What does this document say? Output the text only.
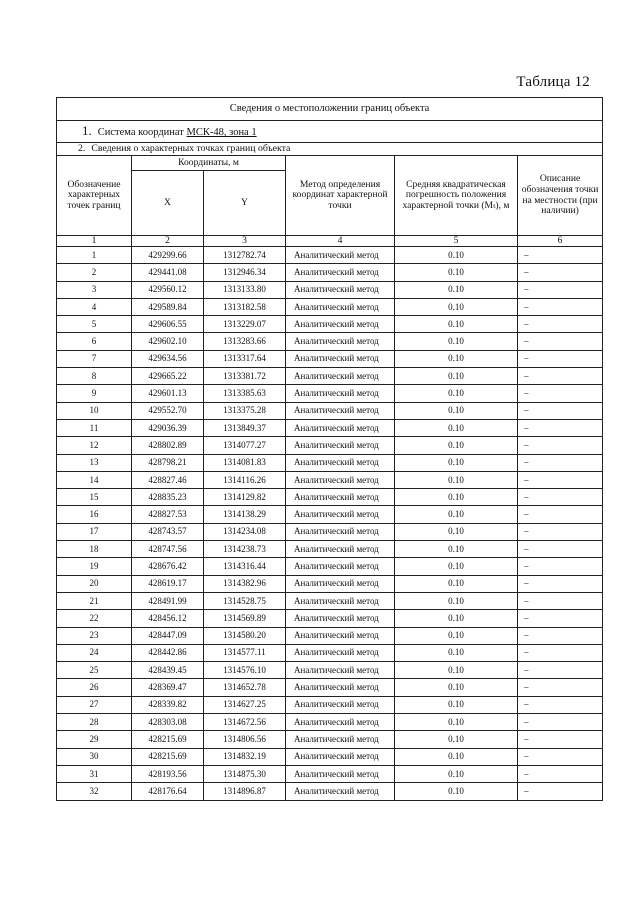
Таблица 12
Сведения о местоположении границ объекта					
1. Система координат МСК-48, зона 1					
2. Сведения о характерных точках границ объекта					
Обозначение характерных точек границ	Координаты, м		Метод определения координат характерной точки	Средняя квадратическая погрешность положения характерной точки (Mₜ), м	Описание обозначения точки на местности (при наличии)
	X	Y			
1	2	3	4	5	6
1	429299.66	1312782.74	Аналитический метод	0.10	–
2	429441.08	1312946.34	Аналитический метод	0.10	–
3	429560.12	1313133.80	Аналитический метод	0.10	–
4	429589.84	1313182.58	Аналитический метод	0.10	–
5	429606.55	1313229.07	Аналитический метод	0.10	–
6	429602.10	1313283.66	Аналитический метод	0.10	–
7	429634.56	1313317.64	Аналитический метод	0.10	–
8	429665.22	1313381.72	Аналитический метод	0.10	–
9	429601.13	1313385.63	Аналитический метод	0.10	–
10	429552.70	1313375.28	Аналитический метод	0.10	–
11	429036.39	1313849.37	Аналитический метод	0.10	–
12	428802.89	1314077.27	Аналитический метод	0.10	–
13	428798.21	1314081.83	Аналитический метод	0.10	–
14	428827.46	1314116.26	Аналитический метод	0.10	–
15	428835.23	1314129.82	Аналитический метод	0.10	–
16	428827.53	1314138.29	Аналитический метод	0.10	–
17	428743.57	1314234.08	Аналитический метод	0.10	–
18	428747.56	1314238.73	Аналитический метод	0.10	–
19	428676.42	1314316.44	Аналитический метод	0.10	–
20	428619.17	1314382.96	Аналитический метод	0.10	–
21	428491.99	1314528.75	Аналитический метод	0.10	–
22	428456.12	1314569.89	Аналитический метод	0.10	–
23	428447.09	1314580.20	Аналитический метод	0.10	–
24	428442.86	1314577.11	Аналитический метод	0.10	–
25	428439.45	1314576.10	Аналитический метод	0.10	–
26	428369.47	1314652.78	Аналитический метод	0.10	–
27	428339.82	1314627.25	Аналитический метод	0.10	–
28	428303.08	1314672.56	Аналитический метод	0.10	–
29	428215.69	1314806.56	Аналитический метод	0.10	–
30	428215.69	1314832.19	Аналитический метод	0.10	–
31	428193.56	1314875.30	Аналитический метод	0.10	–
32	428176.64	1314896.87	Аналитический метод	0.10	–
